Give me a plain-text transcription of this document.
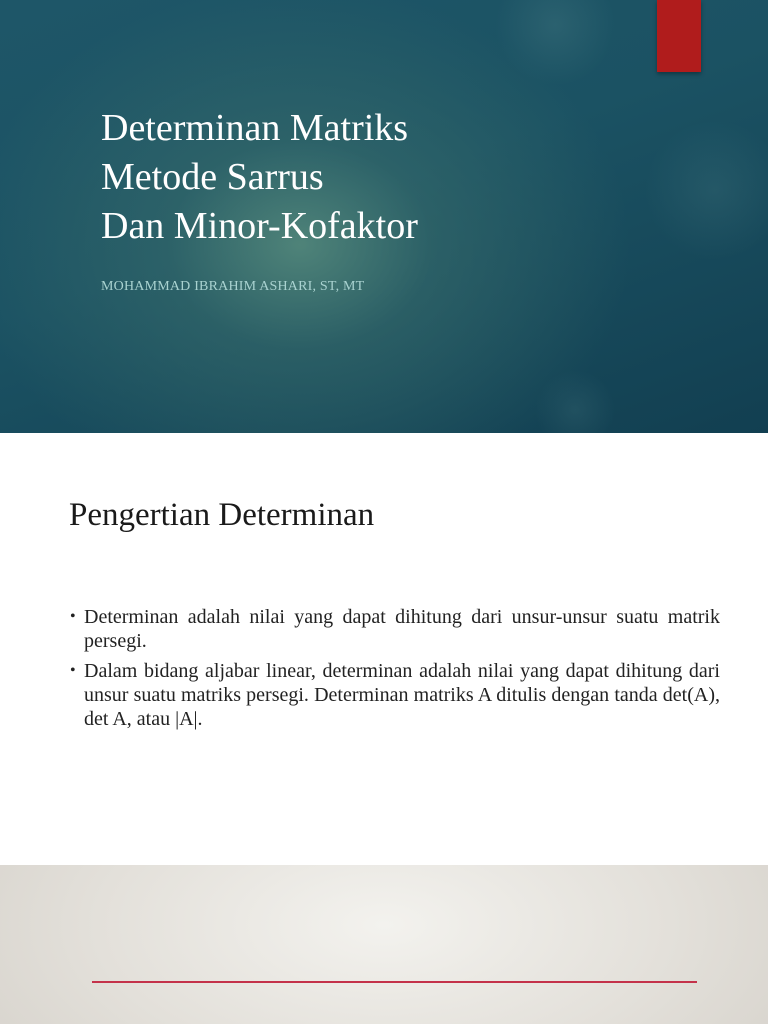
Determinan Matriks
Metode Sarrus
Dan Minor-Kofaktor

MOHAMMAD IBRAHIM ASHARI, ST, MT

Pengertian Determinan
• Determinan adalah nilai yang dapat dihitung dari unsur-unsur suatu matrik persegi.
• Dalam bidang aljabar linear, determinan adalah nilai yang dapat dihitung dari unsur suatu matriks persegi. Determinan matriks A ditulis dengan tanda det(A), det A, atau |A|.
